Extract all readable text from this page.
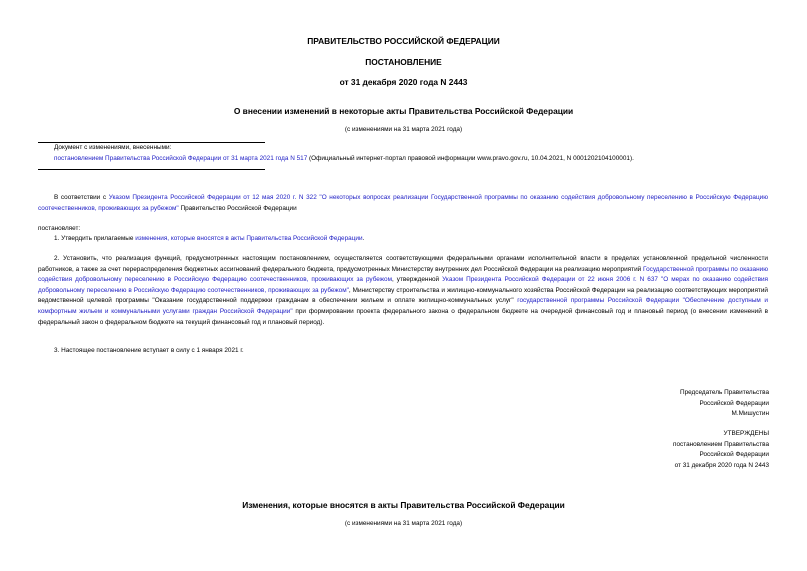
ПРАВИТЕЛЬСТВО РОССИЙСКОЙ ФЕДЕРАЦИИ
ПОСТАНОВЛЕНИЕ
от 31 декабря 2020 года N 2443
О внесении изменений в некоторые акты Правительства Российской Федерации
(с изменениями на 31 марта 2021 года)
Документ с изменениями, внесенными:
постановлением Правительства Российской Федерации от 31 марта 2021 года N 517 (Официальный интернет-портал правовой информации www.pravo.gov.ru, 10.04.2021, N 0001202104100001).
В соответствии с Указом Президента Российской Федерации от 12 мая 2020 г. N 322 "О некоторых вопросах реализации Государственной программы по оказанию содействия добровольному переселению в Российскую Федерацию соотечественников, проживающих за рубежом" Правительство Российской Федерации
постановляет:
1. Утвердить прилагаемые изменения, которые вносятся в акты Правительства Российской Федерации.
2. Установить, что реализация функций, предусмотренных настоящим постановлением, осуществляется соответствующими федеральными органами исполнительной власти в пределах установленной предельной численности работников, а также за счет перераспределения бюджетных ассигнований федерального бюджета, предусмотренных Министерству внутренних дел Российской Федерации на реализацию мероприятий Государственной программы по оказанию содействия добровольному переселению в Российскую Федерацию соотечественников, проживающих за рубежом, утвержденной Указом Президента Российской Федерации от 22 июня 2006 г. N 637 "О мерах по оказанию содействия добровольному переселению в Российскую Федерацию соотечественников, проживающих за рубежом", Министерству строительства и жилищно-коммунального хозяйства Российской Федерации на реализацию соответствующих мероприятий ведомственной целевой программы "Оказание государственной поддержки гражданам в обеспечении жильем и оплате жилищно-коммунальных услуг" государственной программы Российской Федерации "Обеспечение доступным и комфортным жильем и коммунальными услугами граждан Российской Федерации" при формировании проекта федерального закона о федеральном бюджете на очередной финансовый год и плановый период (о внесении изменений в федеральный закон о федеральном бюджете на текущий финансовый год и плановый период).
3. Настоящее постановление вступает в силу с 1 января 2021 г.
Председатель Правительства
Российской Федерации
М.Мишустин
УТВЕРЖДЕНЫ
постановлением Правительства
Российской Федерации
от 31 декабря 2020 года N 2443
Изменения, которые вносятся в акты Правительства Российской Федерации
(с изменениями на 31 марта 2021 года)
